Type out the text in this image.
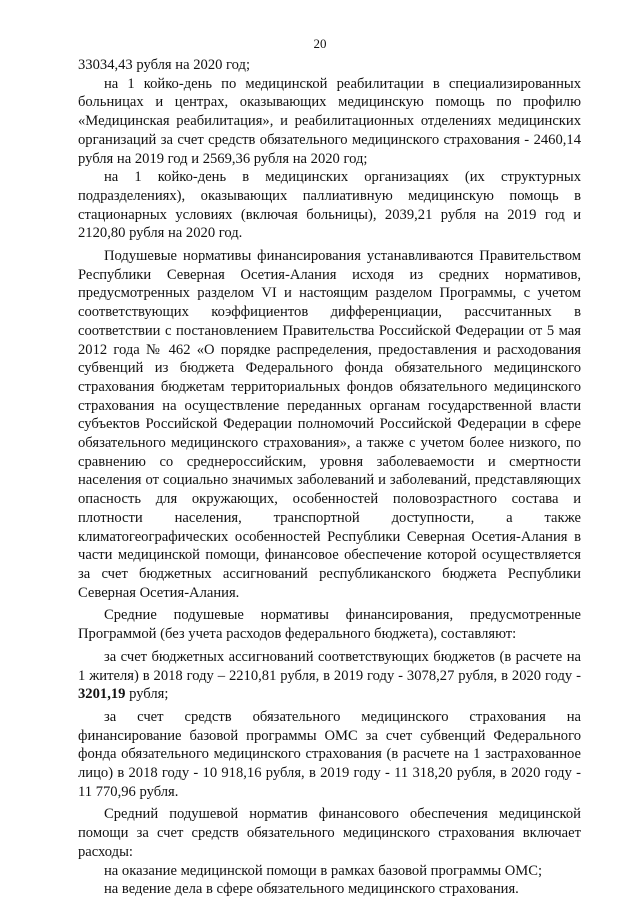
20

33034,43 рубля на 2020 год;

на 1 койко-день по медицинской реабилитации в специализированных больницах и центрах, оказывающих медицинскую помощь по профилю «Медицинская реабилитация», и реабилитационных отделениях медицинских организаций за счет средств обязательного медицинского страхования - 2460,14 рубля на 2019 год и 2569,36 рубля на 2020 год;

на 1 койко-день в медицинских организациях (их структурных подразделениях), оказывающих паллиативную медицинскую помощь в стационарных условиях (включая больницы), 2039,21 рубля на 2019 год и 2120,80 рубля на 2020 год.

Подушевые нормативы финансирования устанавливаются Правительством Республики Северная Осетия-Алания исходя из средних нормативов, предусмотренных разделом VI и настоящим разделом Программы, с учетом соответствующих коэффициентов дифференциации, рассчитанных в соответствии с постановлением Правительства Российской Федерации от 5 мая 2012 года № 462 «О порядке распределения, предоставления и расходования субвенций из бюджета Федерального фонда обязательного медицинского страхования бюджетам территориальных фондов обязательного медицинского страхования на осуществление переданных органам государственной власти субъектов Российской Федерации полномочий Российской Федерации в сфере обязательного медицинского страхования», а также с учетом более низкого, по сравнению со среднероссийским, уровня заболеваемости и смертности населения от социально значимых заболеваний и заболеваний, представляющих опасность для окружающих, особенностей половозрастного состава и плотности населения, транспортной доступности, а также климатогеографических особенностей Республики Северная Осетия-Алания в части медицинской помощи, финансовое обеспечение которой осуществляется за счет бюджетных ассигнований республиканского бюджета Республики Северная Осетия-Алания.

Средние подушевые нормативы финансирования, предусмотренные Программой (без учета расходов федерального бюджета), составляют:

за счет бюджетных ассигнований соответствующих бюджетов (в расчете на 1 жителя) в 2018 году – 2210,81 рубля, в 2019 году - 3078,27 рубля, в 2020 году - 3201,19 рубля;

за счет средств обязательного медицинского страхования на финансирование базовой программы ОМС за счет субвенций Федерального фонда обязательного медицинского страхования (в расчете на 1 застрахованное лицо) в 2018 году - 10 918,16 рубля, в 2019 году - 11 318,20 рубля, в 2020 году - 11 770,96 рубля.

Средний подушевой норматив финансового обеспечения медицинской помощи за счет средств обязательного медицинского страхования включает расходы:

на оказание медицинской помощи в рамках базовой программы ОМС;

на ведение дела в сфере обязательного медицинского страхования.
